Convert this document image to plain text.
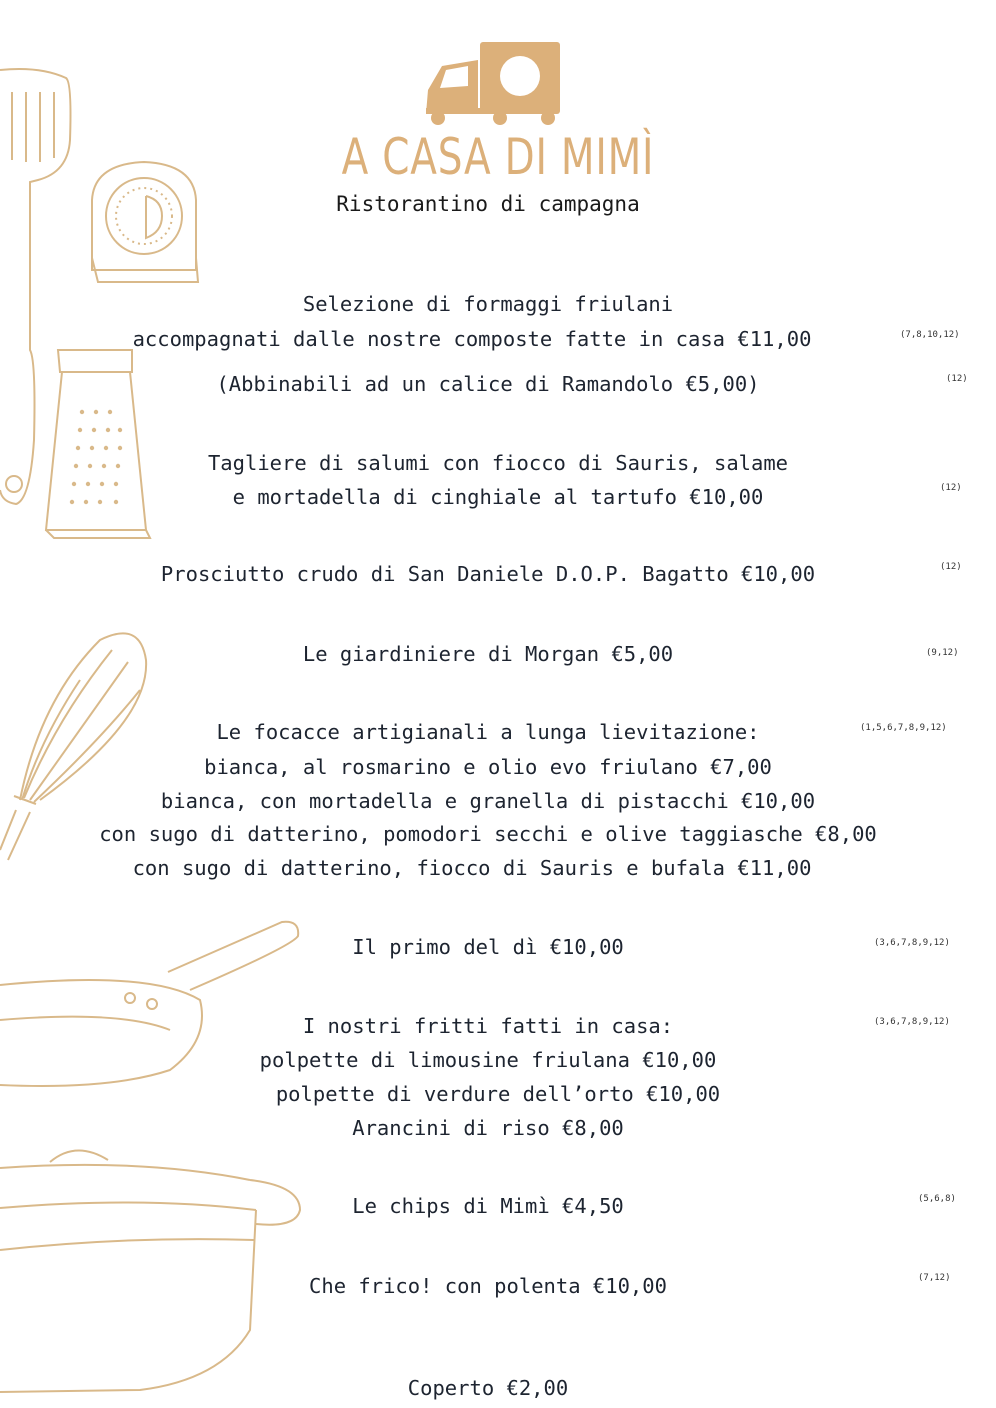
A CASA DI MIMÌ
Ristorantino di campagna
Selezione di formaggi friulani
accompagnati dalle nostre composte fatte in casa €11,00	(7,8,10,12)
(Abbinabili ad un calice di Ramandolo €5,00)	(12)
Tagliere di salumi con fiocco di Sauris, salame
e mortadella di cinghiale al tartufo €10,00	(12)
Prosciutto crudo di San Daniele D.O.P. Bagatto €10,00	(12)
Le giardiniere di Morgan €5,00	(9,12)
Le focacce artigianali a lunga lievitazione:	(1,5,6,7,8,9,12)
bianca, al rosmarino e olio evo friulano €7,00
bianca, con mortadella e granella di pistacchi €10,00
con sugo di datterino, pomodori secchi e olive taggiasche €8,00
con sugo di datterino, fiocco di Sauris e bufala €11,00
Il primo del dì €10,00	(3,6,7,8,9,12)
I nostri fritti fatti in casa:	(3,6,7,8,9,12)
polpette di limousine friulana €10,00
polpette di verdure dell’orto €10,00
Arancini di riso €8,00
Le chips di Mimì €4,50	(5,6,8)
Che frico! con polenta €10,00	(7,12)
Coperto €2,00
